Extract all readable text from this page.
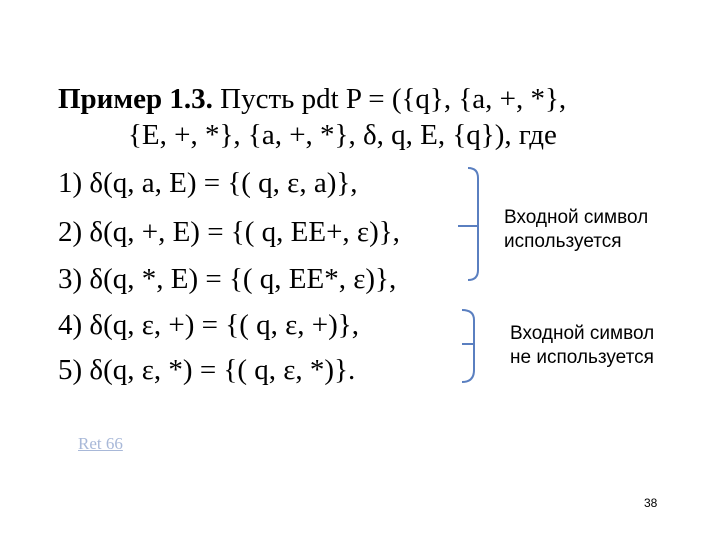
Пример 1.3. Пусть pdt P = ({q}, {a, +, *},
{E, +, *}, {a, +, *}, δ, q, E, {q}), где
1) δ(q, a, E) = {( q, ε, a)},
2) δ(q, +, E) = {( q, EE+, ε)},
3) δ(q, *, E) = {( q, EE*, ε)},
4) δ(q, ε, +) = {( q, ε, +)},
5) δ(q, ε, *) = {( q, ε, *)}.
Входной символ
используется
Входной символ
не используется
Ret 66
38
